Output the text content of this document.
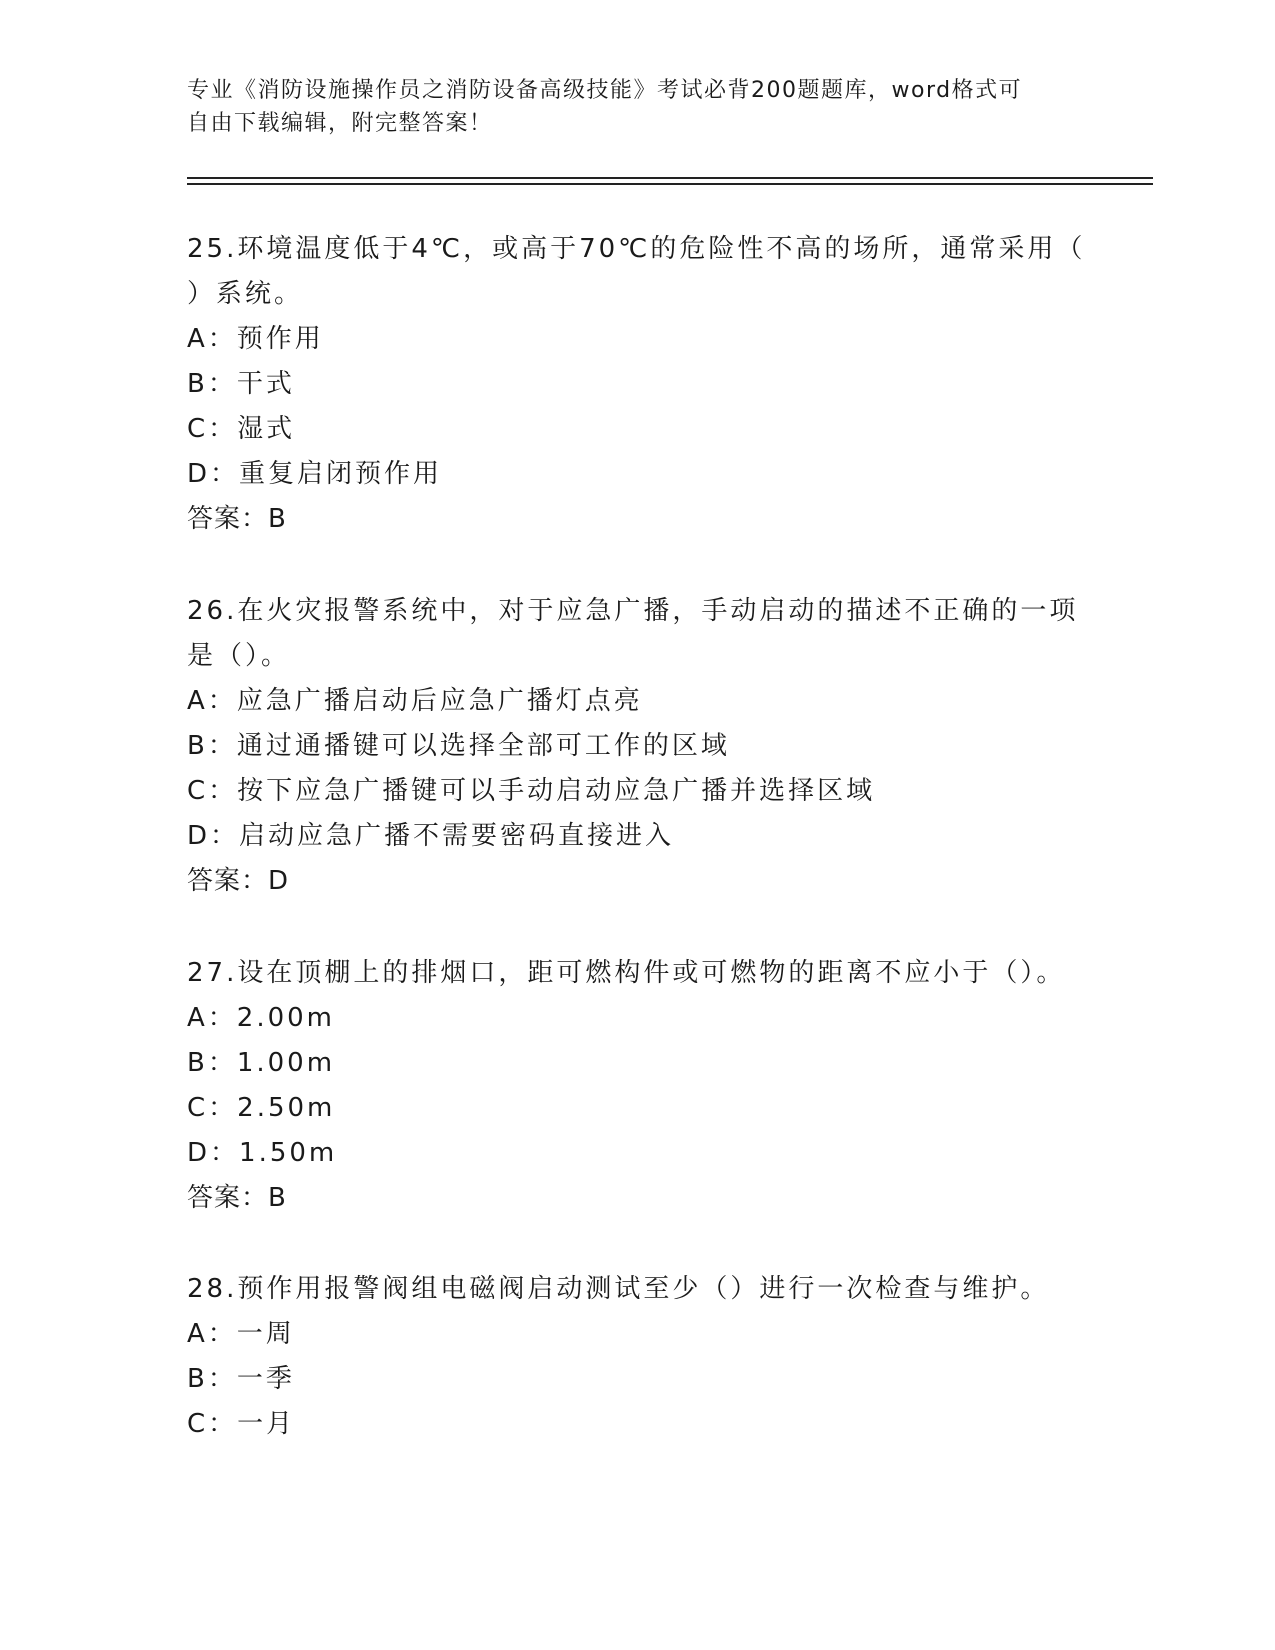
专业《消防设施操作员之消防设备高级技能》考试必背200题题库，word格式可
自由下载编辑，附完整答案！
25.环境温度低于4℃，或高于70℃的危险性不高的场所，通常采用（
）系统。
A：预作用
B：干式
C：湿式
D：重复启闭预作用
答案：B
26.在火灾报警系统中，对于应急广播，手动启动的描述不正确的一项
是（）。
A：应急广播启动后应急广播灯点亮
B：通过通播键可以选择全部可工作的区域
C：按下应急广播键可以手动启动应急广播并选择区域
D：启动应急广播不需要密码直接进入
答案：D
27.设在顶棚上的排烟口，距可燃构件或可燃物的距离不应小于（）。
A：2.00m
B：1.00m
C：2.50m
D：1.50m
答案：B
28.预作用报警阀组电磁阀启动测试至少（）进行一次检查与维护。
A：一周
B：一季
C：一月
